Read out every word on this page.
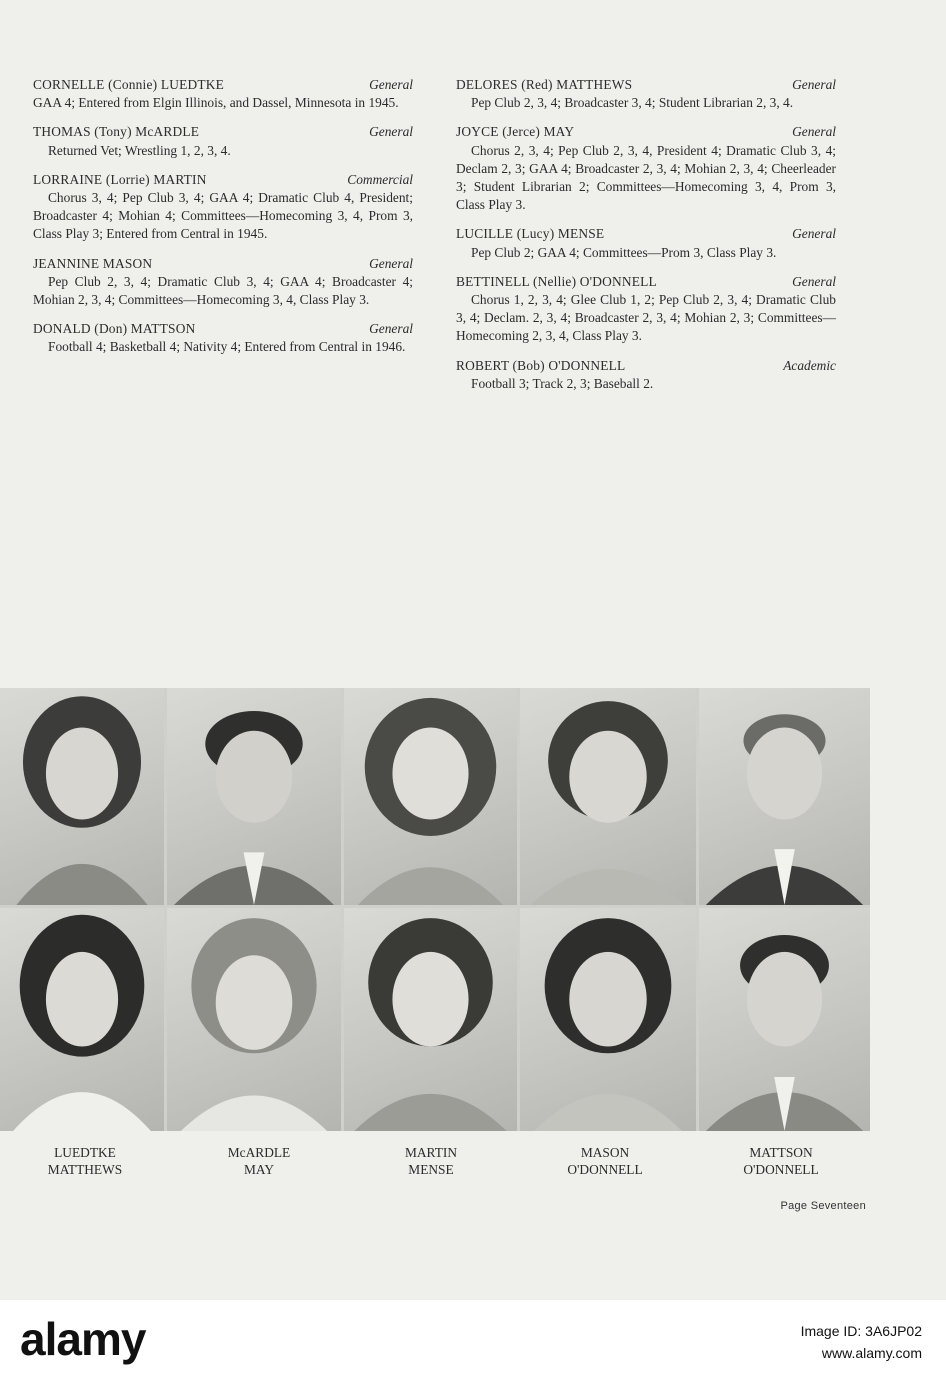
CORNELLE (Connie) LUEDTKE	General
GAA 4; Entered from Elgin Illinois, and Dassel, Minnesota in 1945.
THOMAS (Tony) McARDLE	General
Returned Vet; Wrestling 1, 2, 3, 4.
LORRAINE (Lorrie) MARTIN	Commercial
Chorus 3, 4; Pep Club 3, 4; GAA 4; Dramatic Club 4, President; Broadcaster 4; Mohian 4; Committees—Homecoming 3, 4, Prom 3, Class Play 3; Entered from Central in 1945.
JEANNINE MASON	General
Pep Club 2, 3, 4; Dramatic Club 3, 4; GAA 4; Broadcaster 4; Mohian 2, 3, 4; Committees—Homecoming 3, 4, Class Play 3.
DONALD (Don) MATTSON	General
Football 4; Basketball 4; Nativity 4; Entered from Central in 1946.
DELORES (Red) MATTHEWS	General
Pep Club 2, 3, 4; Broadcaster 3, 4; Student Librarian 2, 3, 4.
JOYCE (Jerce) MAY	General
Chorus 2, 3, 4; Pep Club 2, 3, 4, President 4; Dramatic Club 3, 4; Declam 2, 3; GAA 4; Broadcaster 2, 3, 4; Mohian 2, 3, 4; Cheerleader 3; Student Librarian 2; Committees—Homecoming 3, 4, Prom 3, Class Play 3.
LUCILLE (Lucy) MENSE	General
Pep Club 2; GAA 4; Committees—Prom 3, Class Play 3.
BETTINELL (Nellie) O'DONNELL	General
Chorus 1, 2, 3, 4; Glee Club 1, 2; Pep Club 2, 3, 4; Dramatic Club 3, 4; Declam. 2, 3, 4; Broadcaster 2, 3, 4; Mohian 2, 3; Committees—Homecoming 2, 3, 4, Class Play 3.
ROBERT (Bob) O'DONNELL	Academic
Football 3; Track 2, 3; Baseball 2.
LUEDTKE
MATTHEWS
McARDLE
MAY
MARTIN
MENSE
MASON
O'DONNELL
MATTSON
O'DONNELL
Page Seventeen
alamy	Image ID: 3A6JP02
www.alamy.com
